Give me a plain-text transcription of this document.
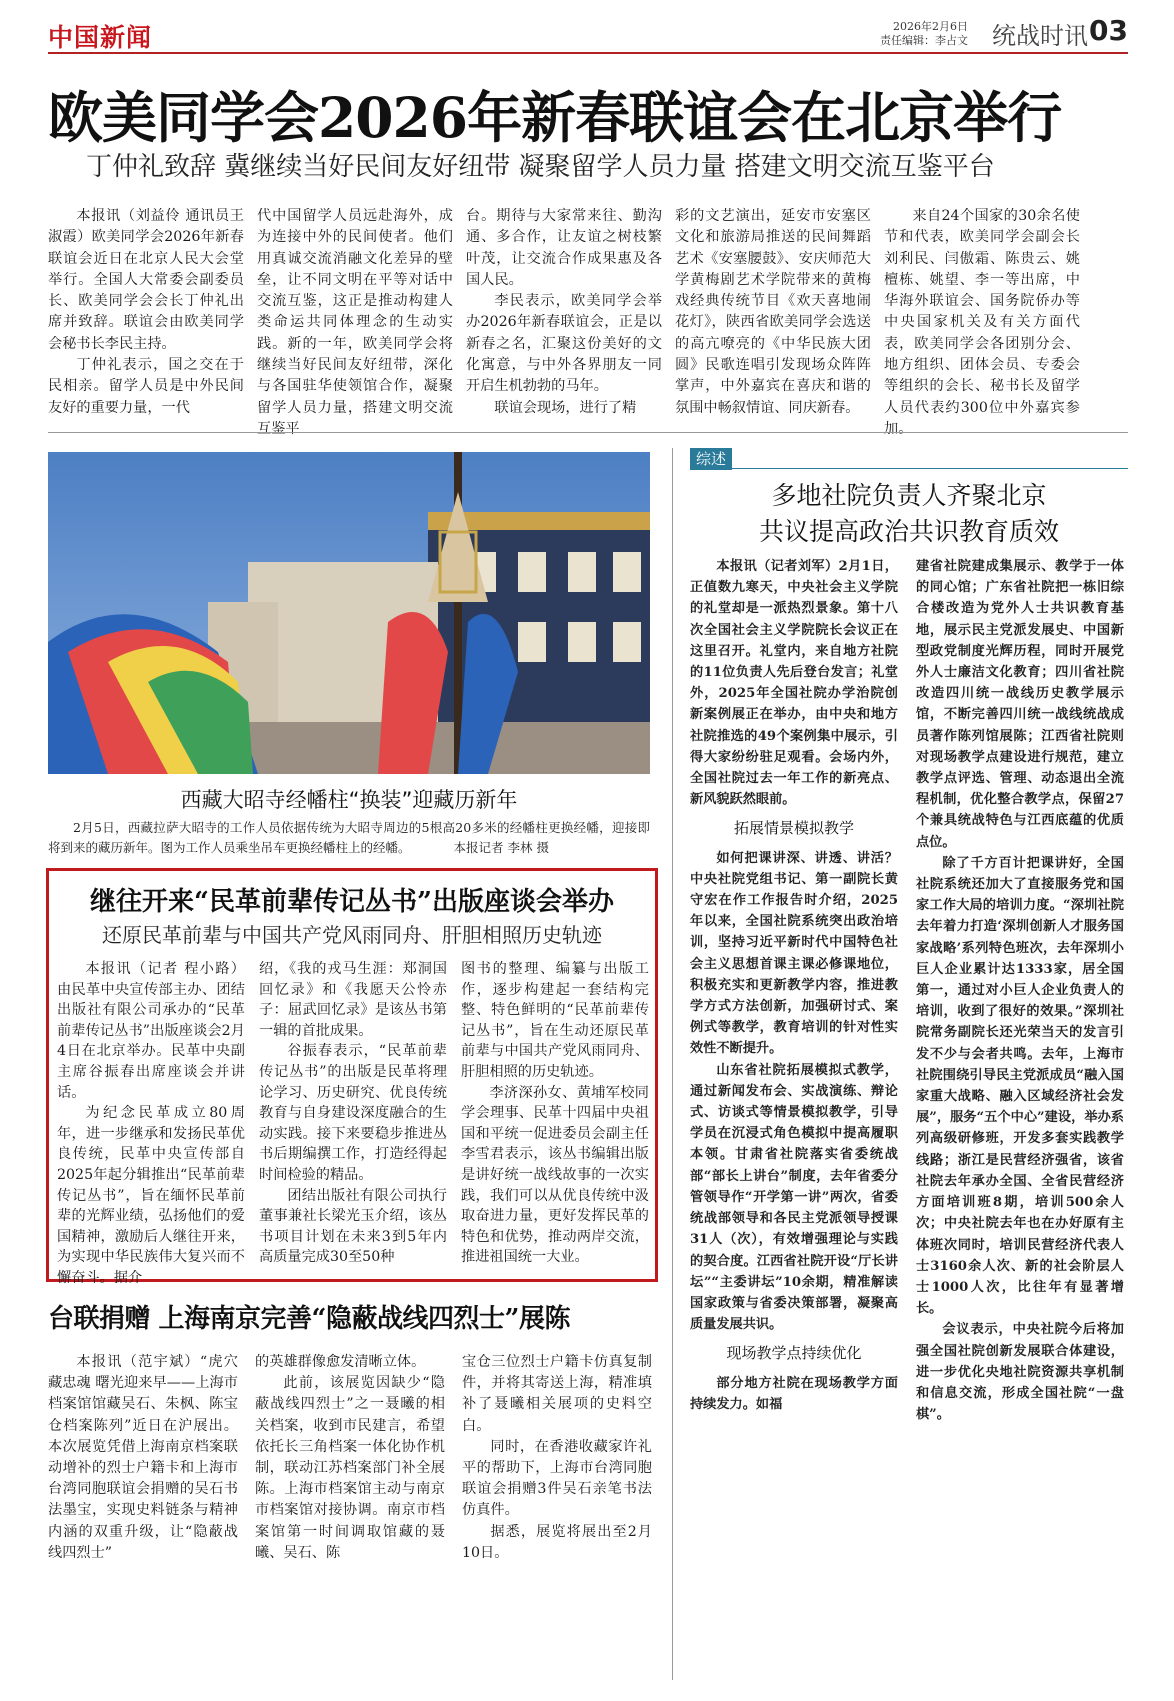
中国新闻	2026年2月6日
责任编辑：李占文 统战时讯 03
欧美同学会2026年新春联谊会在北京举行
丁仲礼致辞 冀继续当好民间友好纽带 凝聚留学人员力量 搭建文明交流互鉴平台

本报讯（刘益伶 通讯员王淑霞）欧美同学会2026年新春联谊会近日在北京人民大会堂举行。全国人大常委会副委员长、欧美同学会会长丁仲礼出席并致辞。联谊会由欧美同学会秘书长李民主持。

丁仲礼表示，国之交在于民相亲。留学人员是中外民间友好的重要力量，一代

代中国留学人员远赴海外，成为连接中外的民间使者。他们用真诚交流消融文化差异的壁垒，让不同文明在平等对话中交流互鉴，这正是推动构建人类命运共同体理念的生动实践。新的一年，欧美同学会将继续当好民间友好纽带，深化与各国驻华使领馆合作，凝聚留学人员力量，搭建文明交流互鉴平

台。期待与大家常来往、勤沟通、多合作，让友谊之树枝繁叶茂，让交流合作成果惠及各国人民。

李民表示，欧美同学会举办2026年新春联谊会，正是以新春之名，汇聚这份美好的文化寓意，与中外各界朋友一同开启生机勃勃的马年。

联谊会现场，进行了精

彩的文艺演出，延安市安塞区文化和旅游局推送的民间舞蹈艺术《安塞腰鼓》、安庆师范大学黄梅剧艺术学院带来的黄梅戏经典传统节目《欢天喜地闹花灯》，陕西省欧美同学会选送的高亢嘹亮的《中华民族大团圆》民歌连唱引发现场众阵阵掌声，中外嘉宾在喜庆和谐的氛围中畅叙情谊、同庆新春。

来自24个国家的30余名使节和代表，欧美同学会副会长刘利民、闫傲霜、陈贵云、姚檀栋、姚望、李一等出席，中华海外联谊会、国务院侨办等中央国家机关及有关方面代表，欧美同学会各团别分会、地方组织、团体会员、专委会等组织的会长、秘书长及留学人员代表约300位中外嘉宾参加。

西藏大昭寺经幡柱“换装”迎藏历新年
2月5日，西藏拉萨大昭寺的工作人员依据传统为大昭寺周边的5根高20多米的经幡柱更换经幡，迎接即将到来的藏历新年。图为工作人员乘坐吊车更换经幡柱上的经幡。	本报记者 李林 摄
继往开来“民革前辈传记丛书”出版座谈会举办
还原民革前辈与中国共产党风雨同舟、肝胆相照历史轨迹

本报讯（记者 程小路）由民革中央宣传部主办、团结出版社有限公司承办的“民革前辈传记丛书”出版座谈会2月4日在北京举办。民革中央副主席谷振春出席座谈会并讲话。

为纪念民革成立80周年，进一步继承和发扬民革优良传统，民革中央宣传部自2025年起分辑推出“民革前辈传记丛书”，旨在缅怀民革前辈的光辉业绩，弘扬他们的爱国精神，激励后人继往开来，为实现中华民族伟大复兴而不懈奋斗。据介

绍，《我的戎马生涯：郑洞国回忆录》和《我愿天公怜赤子：屈武回忆录》是该丛书第一辑的首批成果。

谷振春表示，“民革前辈传记丛书”的出版是民革将理论学习、历史研究、优良传统教育与自身建设深度融合的生动实践。接下来要稳步推进丛书后期编撰工作，打造经得起时间检验的精品。

团结出版社有限公司执行董事兼社长梁光玉介绍，该丛书项目计划在未来3到5年内高质量完成30至50种

图书的整理、编纂与出版工作，逐步构建起一套结构完整、特色鲜明的“民革前辈传记丛书”，旨在生动还原民革前辈与中国共产党风雨同舟、肝胆相照的历史轨迹。

李济深孙女、黄埔军校同学会理事、民革十四届中央祖国和平统一促进委员会副主任李雪君表示，该丛书编辑出版是讲好统一战线故事的一次实践，我们可以从优良传统中汲取奋进力量，更好发挥民革的特色和优势，推动两岸交流，推进祖国统一大业。

台联捐赠 上海南京完善“隐蔽战线四烈士”展陈

本报讯（范宇斌）“虎穴藏忠魂 曙光迎来早——上海市档案馆馆藏吴石、朱枫、陈宝仓档案陈列”近日在沪展出。本次展览凭借上海南京档案联动增补的烈士户籍卡和上海市台湾同胞联谊会捐赠的吴石书法墨宝，实现史料链条与精神内涵的双重升级，让“隐蔽战线四烈士”

的英雄群像愈发清晰立体。

此前，该展览因缺少“隐蔽战线四烈士”之一聂曦的相关档案，收到市民建言，希望依托长三角档案一体化协作机制，联动江苏档案部门补全展陈。上海市档案馆主动与南京市档案馆对接协调。南京市档案馆第一时间调取馆藏的聂曦、吴石、陈

宝仓三位烈士户籍卡仿真复制件，并将其寄送上海，精准填补了聂曦相关展项的史料空白。

同时，在香港收藏家许礼平的帮助下，上海市台湾同胞联谊会捐赠3件吴石亲笔书法仿真件。

据悉，展览将展出至2月10日。

综述
多地社院负责人齐聚北京
共议提高政治共识教育质效

本报讯（记者刘军）2月1日，正值数九寒天，中央社会主义学院的礼堂却是一派热烈景象。第十八次全国社会主义学院院长会议正在这里召开。礼堂内，来自地方社院的11位负责人先后登台发言；礼堂外，2025年全国社院办学治院创新案例展正在举办，由中央和地方社院推选的49个案例集中展示，引得大家纷纷驻足观看。会场内外，全国社院过去一年工作的新亮点、新风貌跃然眼前。

拓展情景模拟教学

如何把课讲深、讲透、讲活？中央社院党组书记、第一副院长黄守宏在作工作报告时介绍，2025年以来，全国社院系统突出政治培训，坚持习近平新时代中国特色社会主义思想首课主课必修课地位，积极充实和更新教学内容，推进教学方式方法创新，加强研讨式、案例式等教学，教育培训的针对性实效性不断提升。

山东省社院拓展模拟式教学，通过新闻发布会、实战演练、辩论式、访谈式等情景模拟教学，引导学员在沉浸式角色模拟中提高履职本领。甘肃省社院落实省委统战部“部长上讲台”制度，去年省委分管领导作“开学第一讲”两次，省委统战部领导和各民主党派领导授课31人（次），有效增强理论与实践的契合度。江西省社院开设“厅长讲坛”“主委讲坛”10余期，精准解读国家政策与省委决策部署，凝聚高质量发展共识。

现场教学点持续优化

部分地方社院在现场教学方面持续发力。如福

建省社院建成集展示、教学于一体的同心馆；广东省社院把一栋旧综合楼改造为党外人士共识教育基地，展示民主党派发展史、中国新型政党制度光辉历程，同时开展党外人士廉洁文化教育；四川省社院改造四川统一战线历史教学展示馆，不断完善四川统一战线统战成员著作陈列馆展陈；江西省社院则对现场教学点建设进行规范，建立教学点评选、管理、动态退出全流程机制，优化整合教学点，保留27个兼具统战特色与江西底蕴的优质点位。

除了千方百计把课讲好，全国社院系统还加大了直接服务党和国家工作大局的培训力度。“深圳社院去年着力打造‘深圳创新人才服务国家战略’系列特色班次，去年深圳小巨人企业累计达1333家，居全国第一，通过对小巨人企业负责人的培训，收到了很好的效果。”深圳社院常务副院长还光荣当天的发言引发不少与会者共鸣。去年，上海市社院围绕引导民主党派成员“融入国家重大战略、融入区域经济社会发展”，服务“五个中心”建设，举办系列高级研修班，开发多套实践教学线路；浙江是民营经济强省，该省社院去年承办全国、全省民营经济方面培训班8期，培训500余人次；中央社院去年也在办好原有主体班次同时，培训民营经济代表人士3160余人次、新的社会阶层人士1000人次，比往年有显著增长。

会议表示，中央社院今后将加强全国社院创新发展联合体建设，进一步优化央地社院资源共享机制和信息交流，形成全国社院“一盘棋”。
